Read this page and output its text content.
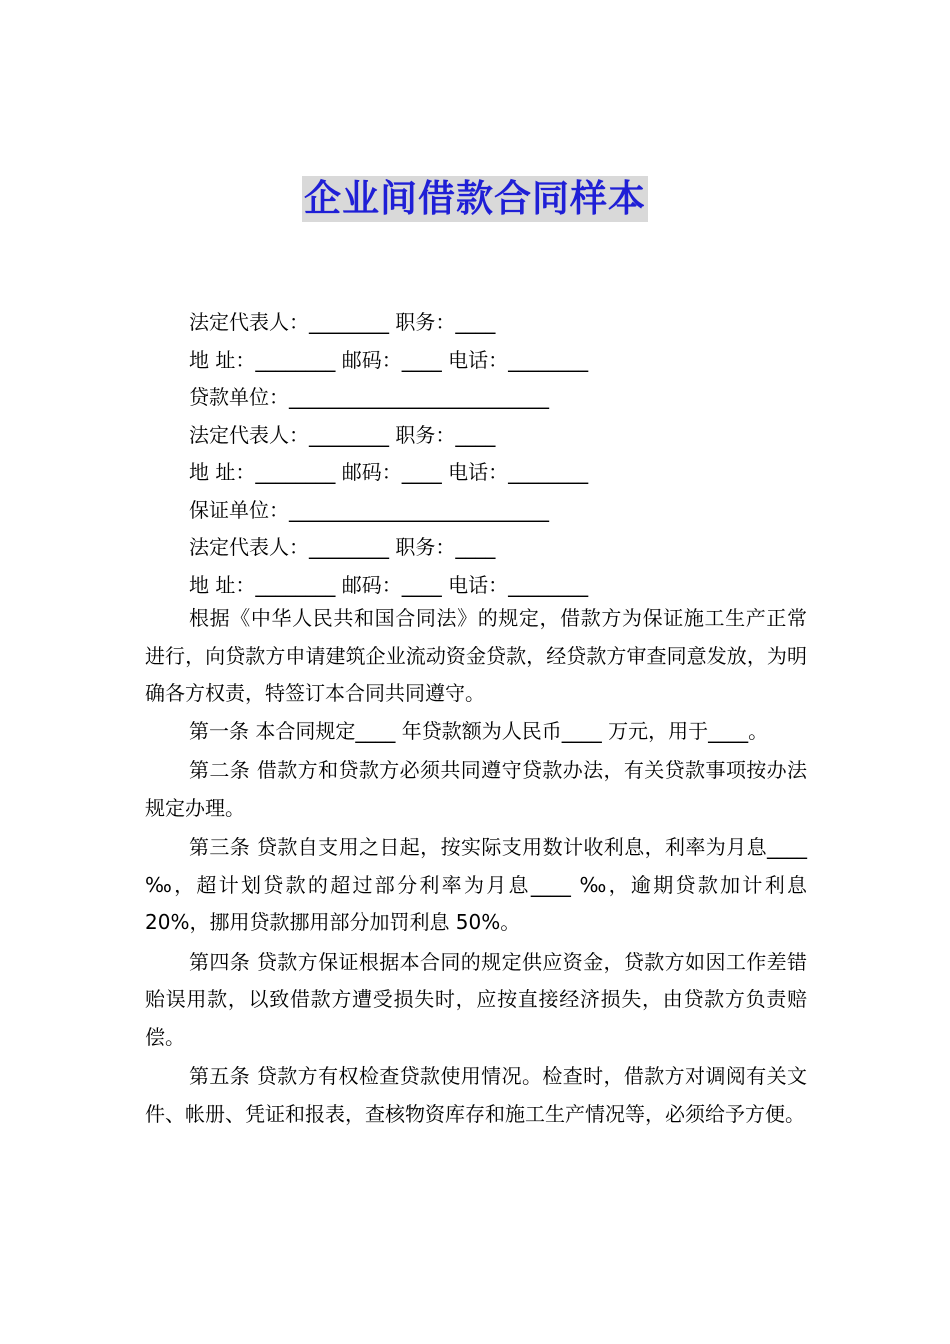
企业间借款合同样本
法定代表人：________ 职务：____
地 址：________ 邮码：____ 电话：________
贷款单位：__________________________
法定代表人：________ 职务：____
地 址：________ 邮码：____ 电话：________
保证单位：__________________________
法定代表人：________ 职务：____
地 址：________ 邮码：____ 电话：________

根据《中华人民共和国合同法》的规定，借款方为保证施工生产正常进行，向贷款方申请建筑企业流动资金贷款，经贷款方审查同意发放，为明确各方权责，特签订本合同共同遵守。

第一条 本合同规定____ 年贷款额为人民币____ 万元，用于____。

第二条 借款方和贷款方必须共同遵守贷款办法，有关贷款事项按办法规定办理。

第三条 贷款自支用之日起，按实际支用数计收利息，利率为月息____ ‰，超计划贷款的超过部分利率为月息____ ‰，逾期贷款加计利息 20%，挪用贷款挪用部分加罚利息 50%。

第四条 贷款方保证根据本合同的规定供应资金，贷款方如因工作差错贻误用款，以致借款方遭受损失时，应按直接经济损失，由贷款方负责赔偿。

第五条 贷款方有权检查贷款使用情况。检查时，借款方对调阅有关文件、帐册、凭证和报表，查核物资库存和施工生产情况等，必须给予方便。
